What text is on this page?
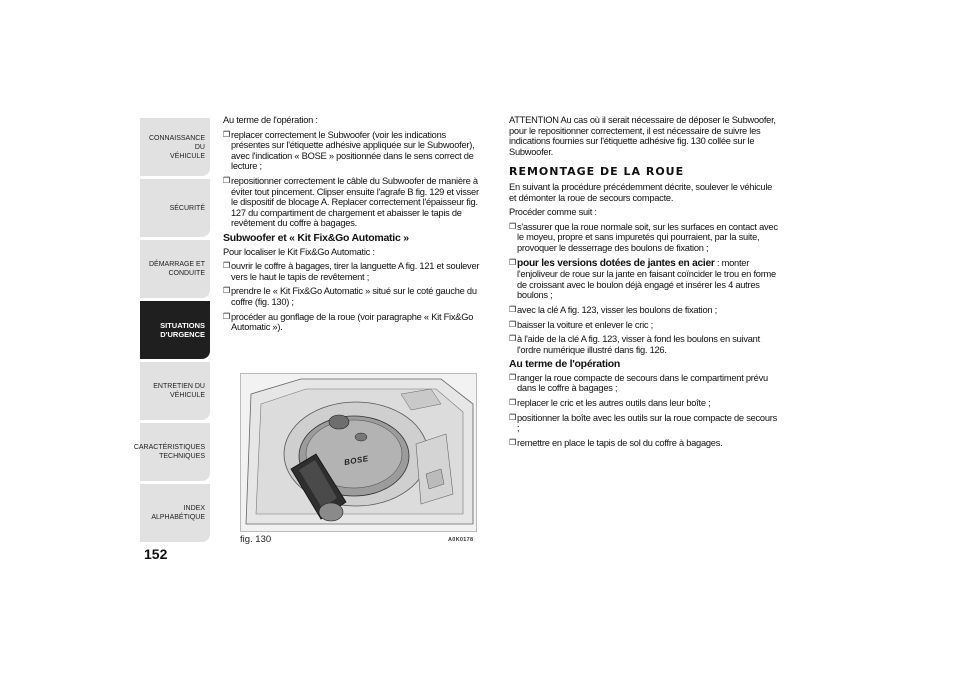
CONNAISSANCE DU
VÉHICULE
SÉCURITÉ
DÉMARRAGE ET
CONDUITE
SITUATIONS
D'URGENCE
ENTRETIEN DU
VÉHICULE
CARACTÉRISTIQUES
TECHNIQUES
INDEX
ALPHABÉTIQUE
152

Au terme de l'opération :

❒ replacer correctement le Subwoofer (voir les indications présentes sur l'étiquette adhésive appliquée sur le Subwoofer), avec l'indication « BOSE » positionnée dans le sens correct de lecture ;
❒ repositionner correctement le câble du Subwoofer de manière à éviter tout pincement. Clipser ensuite l'agrafe B fig. 129 et visser le dispositif de blocage A. Replacer correctement l'épaisseur fig. 127 du compartiment de chargement et abaisser le tapis de revêtement du coffre à bagages.
Subwoofer et « Kit Fix&Go Automatic »

Pour localiser le Kit Fix&Go Automatic :

❒ ouvrir le coffre à bagages, tirer la languette A fig. 121 et soulever vers le haut le tapis de revêtement ;
❒ prendre le « Kit Fix&Go Automatic » situé sur le coté gauche du coffre (fig. 130) ;
❒ procéder au gonflage de la roue (voir paragraphe « Kit Fix&Go Automatic »).
BOSE
fig. 130	A0K0178

ATTENTION Au cas où il serait nécessaire de déposer le Subwoofer, pour le repositionner correctement, il est nécessaire de suivre les indications fournies sur l'étiquette adhésive fig. 130 collée sur le Subwoofer.

REMONTAGE DE LA ROUE

En suivant la procédure précédemment décrite, soulever le véhicule et démonter la roue de secours compacte.

Procéder comme suit :

❒ s'assurer que la roue normale soit, sur les surfaces en contact avec le moyeu, propre et sans impuretés qui pourraient, par la suite, provoquer le desserrage des boulons de fixation ;
❒ pour les versions dotées de jantes en acier : monter l'enjoliveur de roue sur la jante en faisant coïncider le trou en forme de croissant avec le boulon déjà engagé et insérer les 4 autres boulons ;
❒ avec la clé A fig. 123, visser les boulons de fixation ;
❒ baisser la voiture et enlever le cric ;
❒ à l'aide de la clé A fig. 123, visser à fond les boulons en suivant l'ordre numérique illustré dans fig. 126.
Au terme de l'opération
❒ ranger la roue compacte de secours dans le compartiment prévu dans le coffre à bagages ;
❒ replacer le cric et les autres outils dans leur boîte ;
❒ positionner la boîte avec les outils sur la roue compacte de secours ;
❒ remettre en place le tapis de sol du coffre à bagages.
